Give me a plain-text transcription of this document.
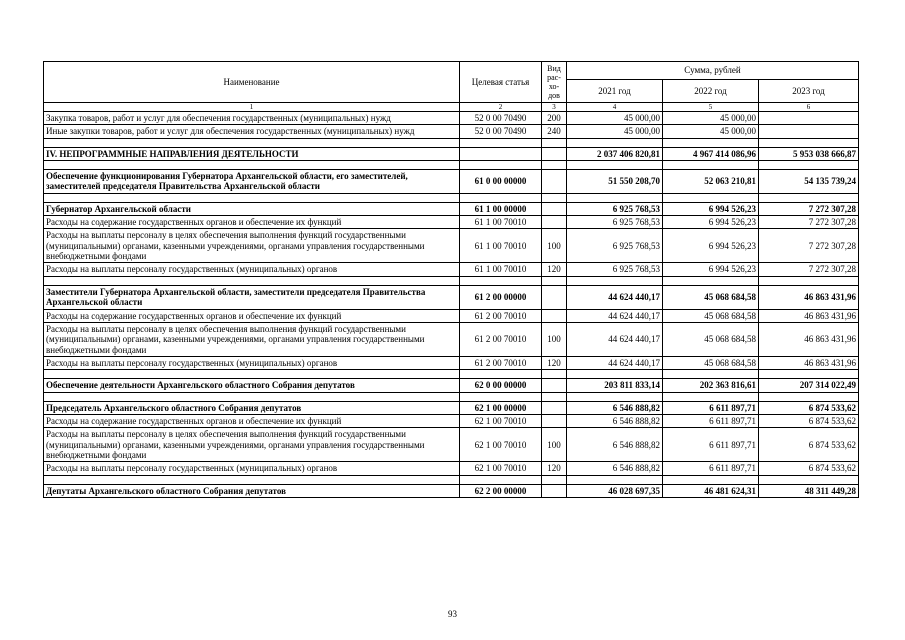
Наименование	Целевая статья	Вид рас-хо-дов	Сумма, рублей		
			2021 год	2022 год	2023 год
1	2	3	4	5	6
Закупка товаров, работ и услуг для обеспечения государственных (муниципальных) нужд	52 0 00 70490	200	45 000,00	45 000,00	
Иные закупки товаров, работ и услуг для обеспечения государственных (муниципальных) нужд	52 0 00 70490	240	45 000,00	45 000,00	

IV. НЕПРОГРАММНЫЕ НАПРАВЛЕНИЯ ДЕЯТЕЛЬНОСТИ			2 037 406 820,81	4 967 414 086,96	5 953 038 666,87

Обеспечение функционирования Губернатора Архангельской области, его заместителей, заместителей председателя Правительства Архангельской области	61 0 00 00000		51 550 208,70	52 063 210,81	54 135 739,24

Губернатор Архангельской области	61 1 00 00000		6 925 768,53	6 994 526,23	7 272 307,28
Расходы на содержание государственных органов и обеспечение их функций	61 1 00 70010		6 925 768,53	6 994 526,23	7 272 307,28
Расходы на выплаты персоналу в целях обеспечения выполнения функций государственными (муниципальными) органами, казенными учреждениями, органами управления государственными внебюджетными фондами	61 1 00 70010	100	6 925 768,53	6 994 526,23	7 272 307,28
Расходы на выплаты персоналу государственных (муниципальных) органов	61 1 00 70010	120	6 925 768,53	6 994 526,23	7 272 307,28

Заместители Губернатора Архангельской области, заместители председателя Правительства Архангельской области	61 2 00 00000		44 624 440,17	45 068 684,58	46 863 431,96
Расходы на содержание государственных органов и обеспечение их функций	61 2 00 70010		44 624 440,17	45 068 684,58	46 863 431,96
Расходы на выплаты персоналу в целях обеспечения выполнения функций государственными (муниципальными) органами, казенными учреждениями, органами управления государственными внебюджетными фондами	61 2 00 70010	100	44 624 440,17	45 068 684,58	46 863 431,96
Расходы на выплаты персоналу государственных (муниципальных) органов	61 2 00 70010	120	44 624 440,17	45 068 684,58	46 863 431,96

Обеспечение деятельности Архангельского областного Собрания депутатов	62 0 00 00000		203 811 833,14	202 363 816,61	207 314 022,49

Председатель Архангельского областного Собрания депутатов	62 1 00 00000		6 546 888,82	6 611 897,71	6 874 533,62
Расходы на содержание государственных органов и обеспечение их функций	62 1 00 70010		6 546 888,82	6 611 897,71	6 874 533,62
Расходы на выплаты персоналу в целях обеспечения выполнения функций государственными (муниципальными) органами, казенными учреждениями, органами управления государственными внебюджетными фондами	62 1 00 70010	100	6 546 888,82	6 611 897,71	6 874 533,62
Расходы на выплаты персоналу государственных (муниципальных) органов	62 1 00 70010	120	6 546 888,82	6 611 897,71	6 874 533,62

Депутаты Архангельского областного Собрания депутатов	62 2 00 00000		46 028 697,35	46 481 624,31	48 311 449,28
93
